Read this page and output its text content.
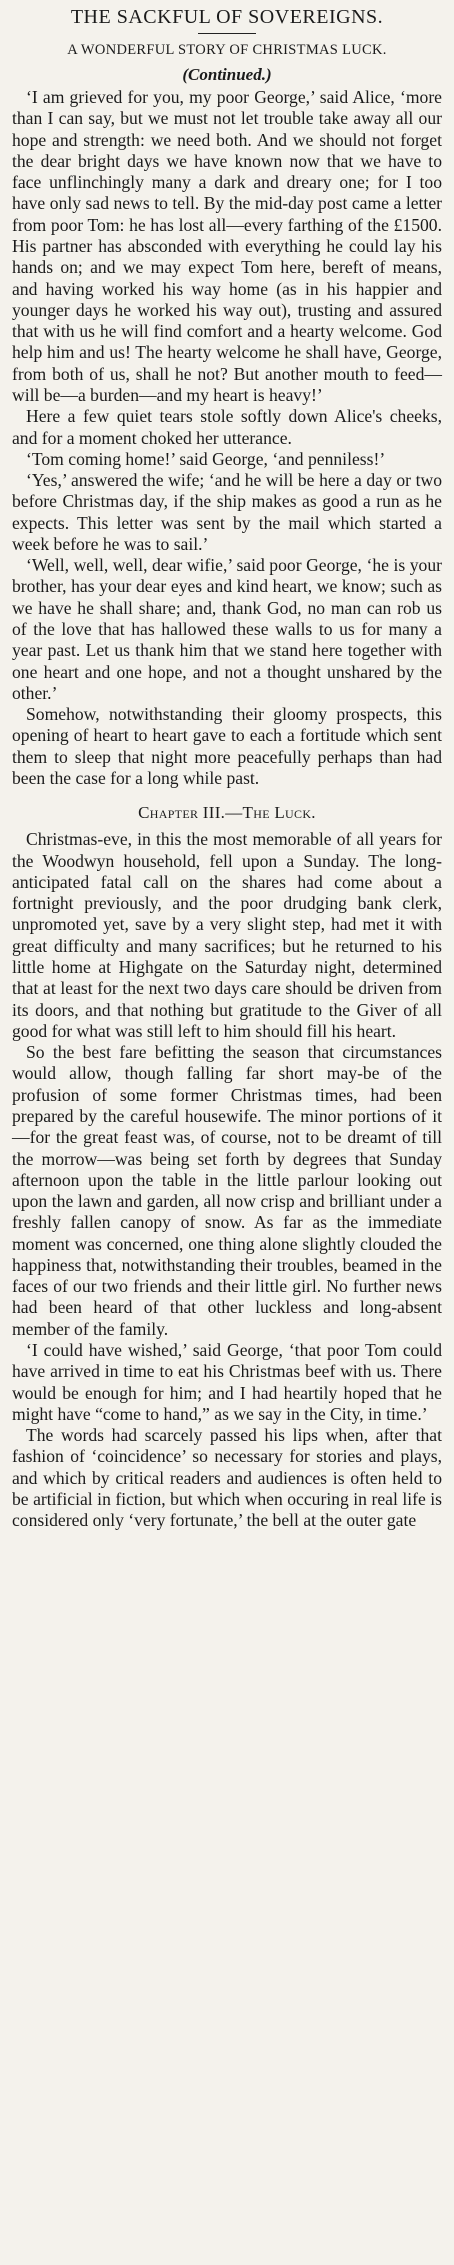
THE SACKFUL OF SOVEREIGNS.
A WONDERFUL STORY OF CHRISTMAS LUCK.
(Continued.)

‘I am grieved for you, my poor George,’ said Alice, ‘more than I can say, but we must not let trouble take away all our hope and strength: we need both. And we should not forget the dear bright days we have known now that we have to face unflinchingly many a dark and dreary one; for I too have only sad news to tell. By the mid-day post came a letter from poor Tom: he has lost all—every farthing of the £1500. His partner has absconded with everything he could lay his hands on; and we may expect Tom here, bereft of means, and having worked his way home (as in his happier and younger days he worked his way out), trusting and assured that with us he will find comfort and a hearty welcome. God help him and us! The hearty welcome he shall have, George, from both of us, shall he not? But another mouth to feed—will be—a burden—and my heart is heavy!’

Here a few quiet tears stole softly down Alice's cheeks, and for a moment choked her utterance.

‘Tom coming home!’ said George, ‘and penniless!’

‘Yes,’ answered the wife; ‘and he will be here a day or two before Christmas day, if the ship makes as good a run as he expects. This letter was sent by the mail which started a week before he was to sail.’

‘Well, well, well, dear wifie,’ said poor George, ‘he is your brother, has your dear eyes and kind heart, we know; such as we have he shall share; and, thank God, no man can rob us of the love that has hallowed these walls to us for many a year past. Let us thank him that we stand here together with one heart and one hope, and not a thought unshared by the other.’

Somehow, notwithstanding their gloomy prospects, this opening of heart to heart gave to each a fortitude which sent them to sleep that night more peacefully perhaps than had been the case for a long while past.

Chapter III.—The Luck.

Christmas-eve, in this the most memorable of all years for the Woodwyn household, fell upon a Sunday. The long-anticipated fatal call on the shares had come about a fortnight previously, and the poor drudging bank clerk, unpromoted yet, save by a very slight step, had met it with great difficulty and many sacrifices; but he returned to his little home at Highgate on the Saturday night, determined that at least for the next two days care should be driven from its doors, and that nothing but gratitude to the Giver of all good for what was still left to him should fill his heart.

So the best fare befitting the season that circumstances would allow, though falling far short may-be of the profusion of some former Christmas times, had been prepared by the careful housewife. The minor portions of it—for the great feast was, of course, not to be dreamt of till the morrow—was being set forth by degrees that Sunday afternoon upon the table in the little parlour looking out upon the lawn and garden, all now crisp and brilliant under a freshly fallen canopy of snow. As far as the immediate moment was concerned, one thing alone slightly clouded the happiness that, notwithstanding their troubles, beamed in the faces of our two friends and their little girl. No further news had been heard of that other luckless and long-absent member of the family.

‘I could have wished,’ said George, ‘that poor Tom could have arrived in time to eat his Christmas beef with us. There would be enough for him; and I had heartily hoped that he might have “come to hand,” as we say in the City, in time.’

The words had scarcely passed his lips when, after that fashion of ‘coincidence’ so necessary for stories and plays, and which by critical readers and audiences is often held to be artificial in fiction, but which when occuring in real life is considered only ‘very fortunate,’ the bell at the outer gate
